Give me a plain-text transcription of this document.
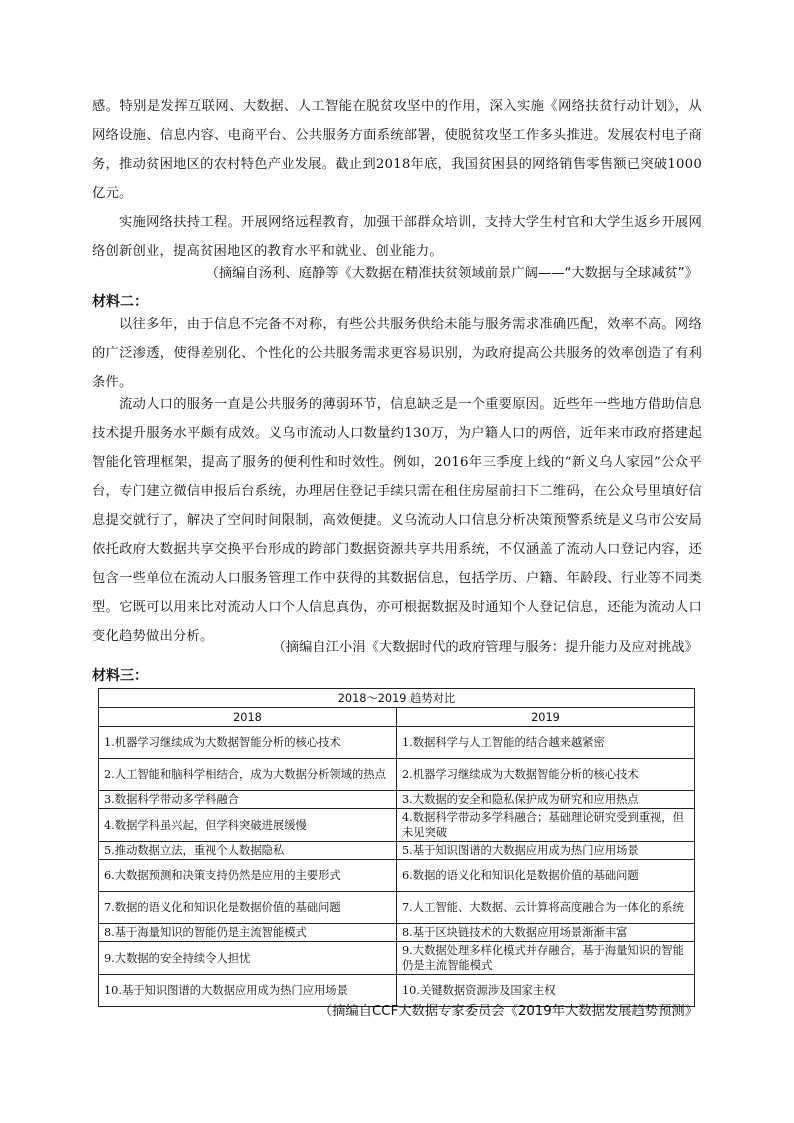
感。特别是发挥互联网、大数据、人工智能在脱贫攻坚中的作用，深入实施《网络扶贫行动计划》，从网络设施、信息内容、电商平台、公共服务方面系统部署，使脱贫攻坚工作多头推进。发展农村电子商务，推动贫困地区的农村特色产业发展。截止到2018年底，我国贫困县的网络销售零售额已突破1000亿元。

实施网络扶持工程。开展网络远程教育，加强干部群众培训，支持大学生村官和大学生返乡开展网络创新创业，提高贫困地区的教育水平和就业、创业能力。

（摘编自汤利、庭静等《大数据在精准扶贫领域前景广阔——“大数据与全球减贫”》
材料二：

以往多年，由于信息不完备不对称，有些公共服务供给未能与服务需求准确匹配，效率不高。网络的广泛渗透，使得差别化、个性化的公共服务需求更容易识别，为政府提高公共服务的效率创造了有利条件。

流动人口的服务一直是公共服务的薄弱环节，信息缺乏是一个重要原因。近些年一些地方借助信息技术提升服务水平颇有成效。义乌市流动人口数量约130万，为户籍人口的两倍，近年来市政府搭建起智能化管理框架，提高了服务的便利性和时效性。例如，2016年三季度上线的“新义乌人家园”公众平台，专门建立微信申报后台系统，办理居住登记手续只需在租住房屋前扫下二维码，在公众号里填好信息提交就行了，解决了空间时间限制，高效便捷。义乌流动人口信息分析决策预警系统是义乌市公安局依托政府大数据共享交换平台形成的跨部门数据资源共享共用系统，不仅涵盖了流动人口登记内容，还包含一些单位在流动人口服务管理工作中获得的其数据信息，包括学历、户籍、年龄段、行业等不同类型。它既可以用来比对流动人口个人信息真伪，亦可根据数据及时通知个人登记信息，还能为流动人口变化趋势做出分析。

（摘编自江小涓《大数据时代的政府管理与服务：提升能力及应对挑战》
材料三：
2018～2019 趋势对比	
2018	2019
1.机器学习继续成为大数据智能分析的核心技术	1.数据科学与人工智能的结合越来越紧密
2.人工智能和脑科学相结合，成为大数据分析领域的热点	2.机器学习继续成为大数据智能分析的核心技术
3.数据科学带动多学科融合	3.大数据的安全和隐私保护成为研究和应用热点
4.数据学科虽兴起，但学科突破进展缓慢	4.数据科学带动多学科融合；基础理论研究受到重视，但未见突破
5.推动数据立法，重视个人数据隐私	5.基于知识图谱的大数据应用成为热门应用场景
6.大数据预测和决策支持仍然是应用的主要形式	6.数据的语义化和知识化是数据价值的基础问题
7.数据的语义化和知识化是数据价值的基础问题	7.人工智能、大数据、云计算将高度融合为一体化的系统
8.基于海量知识的智能仍是主流智能模式	8.基于区块链技术的大数据应用场景渐渐丰富
9.大数据的安全持续令人担忧	9.大数据处理多样化模式并存融合，基于海量知识的智能仍是主流智能模式
10.基于知识图谱的大数据应用成为热门应用场景	10.关键数据资源涉及国家主权
（摘编自CCF大数据专家委员会《2019年大数据发展趋势预测》
